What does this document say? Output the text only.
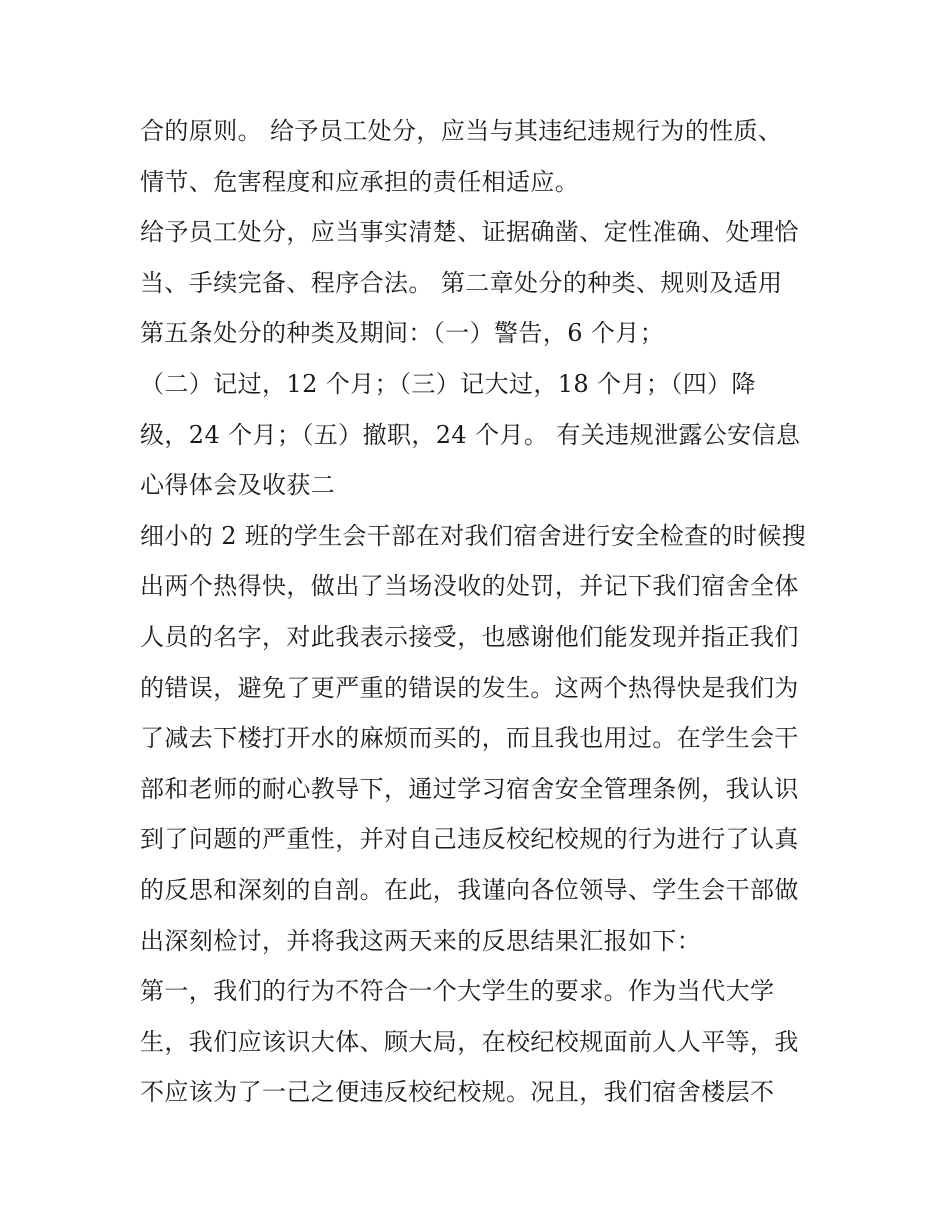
合的原则。 给予员工处分，应当与其违纪违规行为的性质、
情节、危害程度和应承担的责任相适应。
给予员工处分，应当事实清楚、证据确凿、定性准确、处理恰
当、手续完备、程序合法。 第二章处分的种类、规则及适用
第五条处分的种类及期间：（一）警告，6 个月；
（二）记过，12 个月；（三）记大过，18 个月；（四）降
级，24 个月；（五）撤职，24 个月。 有关违规泄露公安信息
心得体会及收获二
细小的 2 班的学生会干部在对我们宿舍进行安全检查的时候搜
出两个热得快，做出了当场没收的处罚，并记下我们宿舍全体
人员的名字，对此我表示接受，也感谢他们能发现并指正我们
的错误，避免了更严重的错误的发生。这两个热得快是我们为
了减去下楼打开水的麻烦而买的，而且我也用过。在学生会干
部和老师的耐心教导下，通过学习宿舍安全管理条例，我认识
到了问题的严重性，并对自己违反校纪校规的行为进行了认真
的反思和深刻的自剖。在此，我谨向各位领导、学生会干部做
出深刻检讨，并将我这两天来的反思结果汇报如下：
第一，我们的行为不符合一个大学生的要求。作为当代大学
生，我们应该识大体、顾大局，在校纪校规面前人人平等，我
不应该为了一己之便违反校纪校规。况且，我们宿舍楼层不
